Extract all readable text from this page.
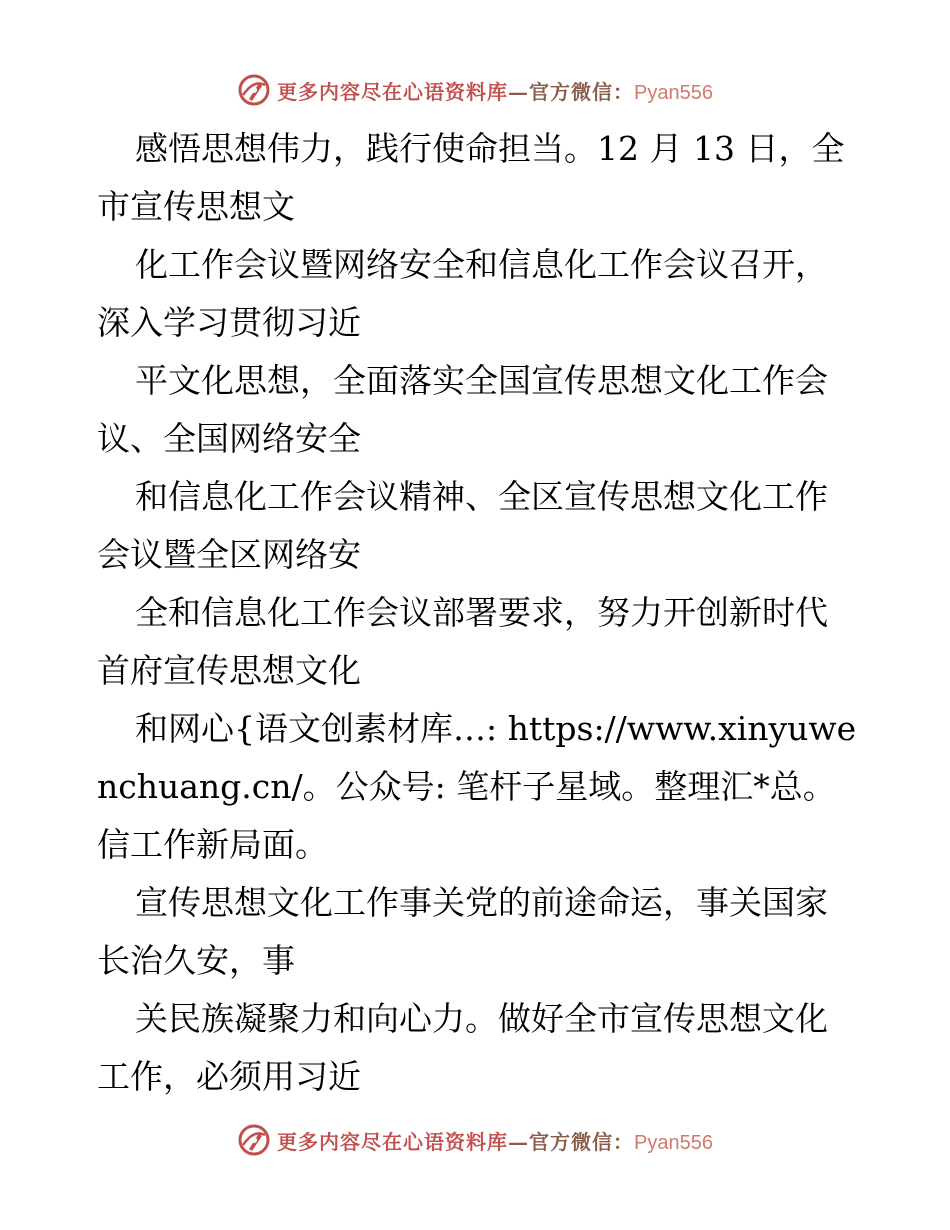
更多内容尽在心语资料库—官方微信：Pyan556

感悟思想伟力，践行使命担当。12 月 13 日，全市宣传思想文

化工作会议暨网络安全和信息化工作会议召开，深入学习贯彻习近

平文化思想，全面落实全国宣传思想文化工作会议、全国网络安全

和信息化工作会议精神、全区宣传思想文化工作会议暨全区网络安

全和信息化工作会议部署要求，努力开创新时代首府宣传思想文化

和网心{语文创素材库…: https://www.xinyuwenchuang.cn/。公众号: 笔杆子星域。整理汇*总。信工作新局面。

宣传思想文化工作事关党的前途命运，事关国家长治久安，事

关民族凝聚力和向心力。做好全市宣传思想文化工作，必须用习近

更多内容尽在心语资料库—官方微信：Pyan556
